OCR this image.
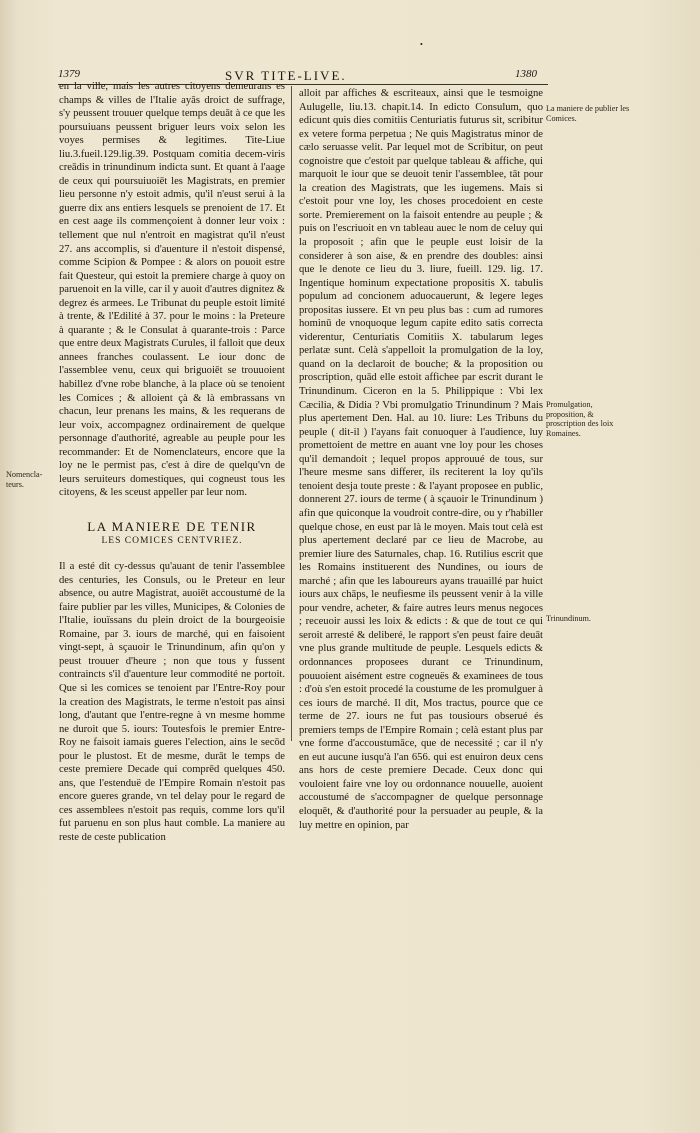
•
1379	SVR TITE-LIVE.	1380

en la ville, mais les autres citoyens demeurans es champs & villes de l'Italie ayās droict de suffrage, s'y peussent trouuer quelque temps deuāt à ce que les poursuiuans peussent briguer leurs voix selon les voyes permises & legitimes. Tite-Liue liu.3.fueil.129.lig.39. Postquam comitia decem-viris creādis in trinundinum indicta sunt. Et quant à l'aage de ceux qui poursuiuoiēt les Magistrats, en premier lieu personne n'y estoit admis, qu'il n'eust serui à la guerre dix ans entiers lesquels se prenoient de 17. Et en cest aage ils commençoient à donner leur voix : tellement que nul n'entroit en magistrat qu'il n'eust 27. ans accomplis, si d'auenture il n'estoit dispensé, comme Scipion & Pompee : & alors on pouoit estre fait Questeur, qui estoit la premiere charge à quoy on paruenoit en la ville, car il y auoit d'autres dignitez & degrez és armees. Le Tribunat du peuple estoit limité à trente, & l'Edilité à 37. pour le moins : la Preteure à quarante ; & le Consulat à quarante-trois : Parce que entre deux Magistrats Curules, il falloit que deux annees franches coulassent. Le iour donc de l'assemblee venu, ceux qui briguoiēt se trouuoient habillez d'vne robe blanche, à la place où se tenoient les Comices ; & alloient çà & là embrassans vn chacun, leur prenans les mains, & les requerans de leur voix, accompagnez ordinairement de quelque personnage d'authorité, agreable au peuple pour les recommander: Et de Nomenclateurs, encore que la loy ne le permist pas, c'est à dire de quelqu'vn de leurs seruiteurs domestiques, qui cogneust tous les citoyens, & les sceust appeller par leur nom.

LA MANIERE DE TENIR
LES COMICES CENTVRIEZ.

Il a esté dit cy-dessus qu'auant de tenir l'assemblee des centuries, les Consuls, ou le Preteur en leur absence, ou autre Magistrat, auoiēt accoustumé de la faire publier par les villes, Municipes, & Colonies de l'Italie, iouïssans du plein droict de la bourgeoisie Romaine, par 3. iours de marché, qui en faisoient vingt-sept, à sçauoir le Trinundinum, afin qu'on y peust trouuer d'heure ; non que tous y fussent contraincts s'il d'auenture leur commodité ne portoit. Que si les comices se tenoient par l'Entre-Roy pour la creation des Magistrats, le terme n'estoit pas ainsi long, d'autant que l'entre-regne à vn mesme homme ne duroit que 5. iours: Toutesfois le premier Entre-Roy ne faisoit iamais gueres l'election, ains le secōd pour le plustost. Et de mesme, durāt le temps de ceste premiere Decade qui comprēd quelques 450. ans, que l'estenduë de l'Empire Romain n'estoit pas encore gueres grande, vn tel delay pour le regard de ces assemblees n'estoit pas requis, comme lors qu'il fut paruenu en son plus haut comble. La maniere au reste de ceste publication

alloit par affiches & escriteaux, ainsi que le tesmoigne Aulugelle, liu.13. chapit.14. In edicto Consulum, quo edicunt quis dies comitiis Centuriatis futurus sit, scribitur ex vetere forma perpetua ; Ne quis Magistratus minor de cælo seruasse velit. Par lequel mot de Scribitur, on peut cognoistre que c'estoit par quelque tableau & affiche, qui marquoit le iour que se deuoit tenir l'assemblee, tāt pour la creation des Magistrats, que les iugemens. Mais si c'estoit pour vne loy, les choses procedoient en ceste sorte. Premierement on la faisoit entendre au peuple ; & puis on l'escriuoit en vn tableau auec le nom de celuy qui la proposoit ; afin que le peuple eust loisir de la considerer à son aise, & en prendre des doubles: ainsi que le denote ce lieu du 3. liure, fueill. 129. lig. 17. Ingentique hominum expectatione propositis X. tabulis populum ad concionem aduocauerunt, & legere leges propositas iussere. Et vn peu plus bas : cum ad rumores hominū de vnoquoque legum capite edito satis correcta viderentur, Centuriatis Comitiis X. tabularum leges perlatæ sunt. Celà s'appelloit la promulgation de la loy, quand on la declaroit de bouche; & la proposition ou proscription, quād elle estoit affichee par escrit durant le Trinundinum. Ciceron en la 5. Philippique : Vbi lex Cæcilia, & Didia ? Vbi promulgatio Trinundinum ? Mais plus apertement Den. Hal. au 10. liure: Les Tribuns du peuple ( dit-il ) l'ayans fait conuoquer à l'audience, luy promettoient de mettre en auant vne loy pour les choses qu'il demandoit ; lequel propos approuué de tous, sur l'heure mesme sans differer, ils reciterent la loy qu'ils tenoient desja toute preste : & l'ayant proposee en public, donnerent 27. iours de terme ( à sçauoir le Trinundinum ) afin que quiconque la voudroit contre-dire, ou y r'habiller quelque chose, en eust par là le moyen. Mais tout celà est plus apertement declaré par ce lieu de Macrobe, au premier liure des Saturnales, chap. 16. Rutilius escrit que les Romains instituerent des Nundines, ou iours de marché ; afin que les laboureurs ayans trauaillé par huict iours aux chāps, le neufiesme ils peussent venir à la ville pour vendre, acheter, & faire autres leurs menus negoces ; receuoir aussi les loix & edicts : & que de tout ce qui seroit arresté & deliberé, le rapport s'en peust faire deuāt vne plus grande multitude de peuple. Lesquels edicts & ordonnances proposees durant ce Trinundinum, pouuoient aisément estre cogneuës & examinees de tous : d'où s'en estoit procedé la coustume de les promulguer à ces iours de marché. Il dit, Mos tractus, pource que ce terme de 27. iours ne fut pas tousiours obserué és premiers temps de l'Empire Romain ; celà estant plus par vne forme d'accoustumāce, que de necessité ; car il n'y en eut aucune iusqu'à l'an 656. qui est enuiron deux cens ans hors de ceste premiere Decade. Ceux donc qui vouloient faire vne loy ou ordonnance nouuelle, auoient accoustumé de s'accompagner de quelque personnage eloquēt, & d'authorité pour la persuader au peuple, & la luy mettre en opinion, par

Nomencla-teurs.
La maniere de publier les Comices.
Promulgation, proposition, & proscription des loix Romaines.
Trinundinum.
